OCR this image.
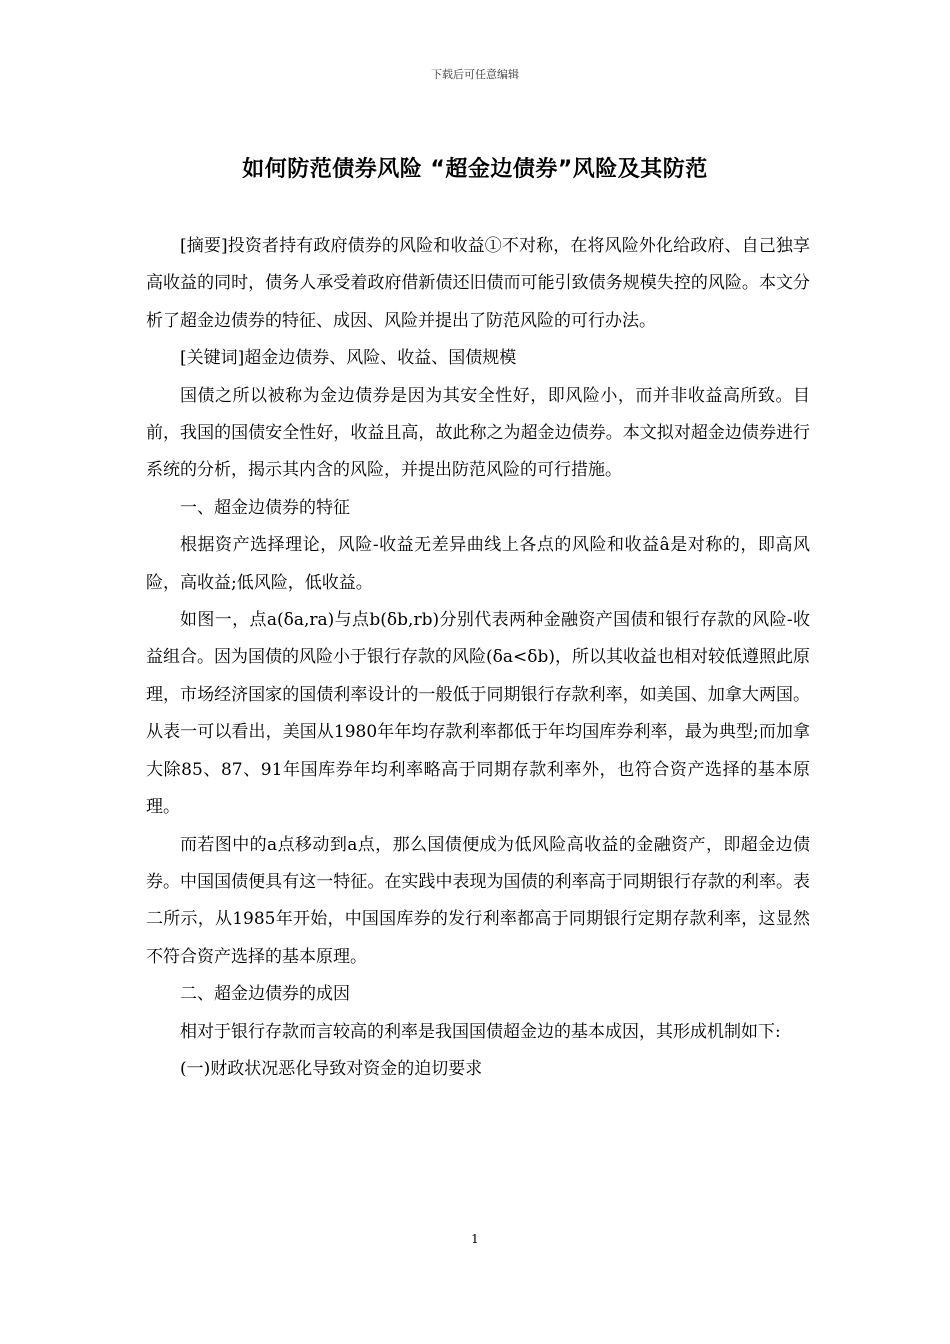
下载后可任意编辑
如何防范债券风险 “超金边债券”风险及其防范

[摘要]投资者持有政府债券的风险和收益①不对称，在将风险外化给政府、自己独享高收益的同时，债务人承受着政府借新债还旧债而可能引致债务规模失控的风险。本文分析了超金边债券的特征、成因、风险并提出了防范风险的可行办法。

[关键词]超金边债券、风险、收益、国债规模

国债之所以被称为金边债券是因为其安全性好，即风险小，而并非收益高所致。目前，我国的国债安全性好，收益且高，故此称之为超金边债券。本文拟对超金边债券进行系统的分析，揭示其内含的风险，并提出防范风险的可行措施。

一、超金边债券的特征

根据资产选择理论，风险-收益无差异曲线上各点的风险和收益â是对称的，即高风险，高收益;低风险，低收益。

如图一，点a(δa,ra)与点b(δb,rb)分别代表两种金融资产国债和银行存款的风险-收益组合。因为国债的风险小于银行存款的风险(δa<δb)，所以其收益也相对较低遵照此原理，市场经济国家的国债利率设计的一般低于同期银行存款利率，如美国、加拿大两国。从表一可以看出，美国从1980年年均存款利率都低于年均国库券利率，最为典型;而加拿大除85、87、91年国库券年均利率略高于同期存款利率外，也符合资产选择的基本原理。

而若图中的a点移动到a点，那么国债便成为低风险高收益的金融资产，即超金边债券。中国国债便具有这一特征。在实践中表现为国债的利率高于同期银行存款的利率。表二所示，从1985年开始，中国国库券的发行利率都高于同期银行定期存款利率，这显然不符合资产选择的基本原理。

二、超金边债券的成因

相对于银行存款而言较高的利率是我国国债超金边的基本成因，其形成机制如下:

(一)财政状况恶化导致对资金的迫切要求

1
